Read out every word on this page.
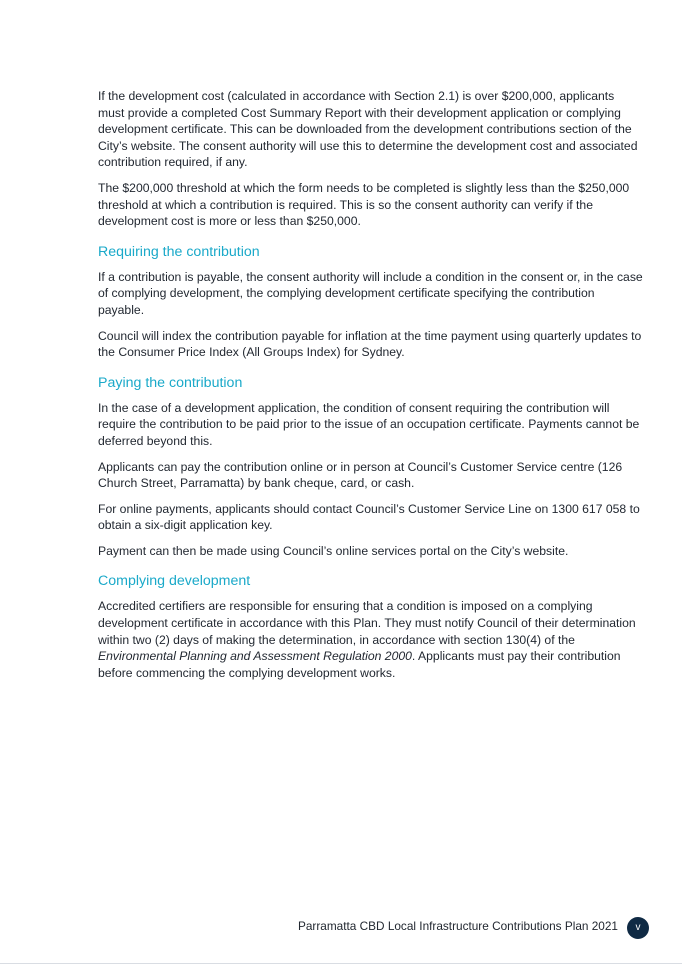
If the development cost (calculated in accordance with Section 2.1) is over $200,000, applicants must provide a completed Cost Summary Report with their development application or complying development certificate. This can be downloaded from the development contributions section of the City’s website. The consent authority will use this to determine the development cost and associated contribution required, if any.

The $200,000 threshold at which the form needs to be completed is slightly less than the $250,000 threshold at which a contribution is required. This is so the consent authority can verify if the development cost is more or less than $250,000.

Requiring the contribution

If a contribution is payable, the consent authority will include a condition in the consent or, in the case of complying development, the complying development certificate specifying the contribution payable.

Council will index the contribution payable for inflation at the time payment using quarterly updates to the Consumer Price Index (All Groups Index) for Sydney.

Paying the contribution

In the case of a development application, the condition of consent requiring the contribution will require the contribution to be paid prior to the issue of an occupation certificate. Payments cannot be deferred beyond this.

Applicants can pay the contribution online or in person at Council’s Customer Service centre (126 Church Street, Parramatta) by bank cheque, card, or cash.

For online payments, applicants should contact Council’s Customer Service Line on 1300 617 058 to obtain a six-digit application key.

Payment can then be made using Council’s online services portal on the City’s website.

Complying development

Accredited certifiers are responsible for ensuring that a condition is imposed on a complying development certificate in accordance with this Plan. They must notify Council of their determination within two (2) days of making the determination, in accordance with section 130(4) of the Environmental Planning and Assessment Regulation 2000. Applicants must pay their contribution before commencing the complying development works.

Parramatta CBD Local Infrastructure Contributions Plan 2021	v
